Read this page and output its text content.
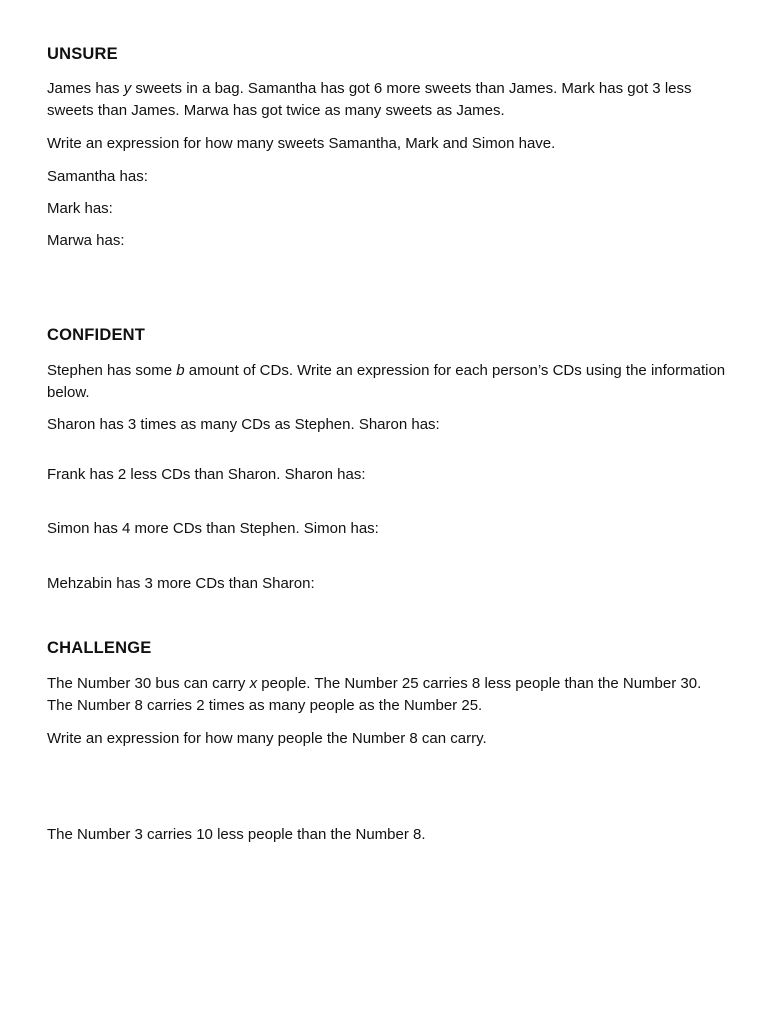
UNSURE

James has y sweets in a bag. Samantha has got 6 more sweets than James. Mark has got 3 less sweets than James. Marwa has got twice as many sweets as James.

Write an expression for how many sweets Samantha, Mark and Simon have.

Samantha has:

Mark has:

Marwa has:

CONFIDENT

Stephen has some b amount of CDs. Write an expression for each person’s CDs using the information below.

Sharon has 3 times as many CDs as Stephen. Sharon has:

Frank has 2 less CDs than Sharon. Sharon has:

Simon has 4 more CDs than Stephen. Simon has:

Mehzabin has 3 more CDs than Sharon:

CHALLENGE

The Number 30 bus can carry x people. The Number 25 carries 8 less people than the Number 30. The Number 8 carries 2 times as many people as the Number 25.

Write an expression for how many people the Number 8 can carry.

The Number 3 carries 10 less people than the Number 8.
